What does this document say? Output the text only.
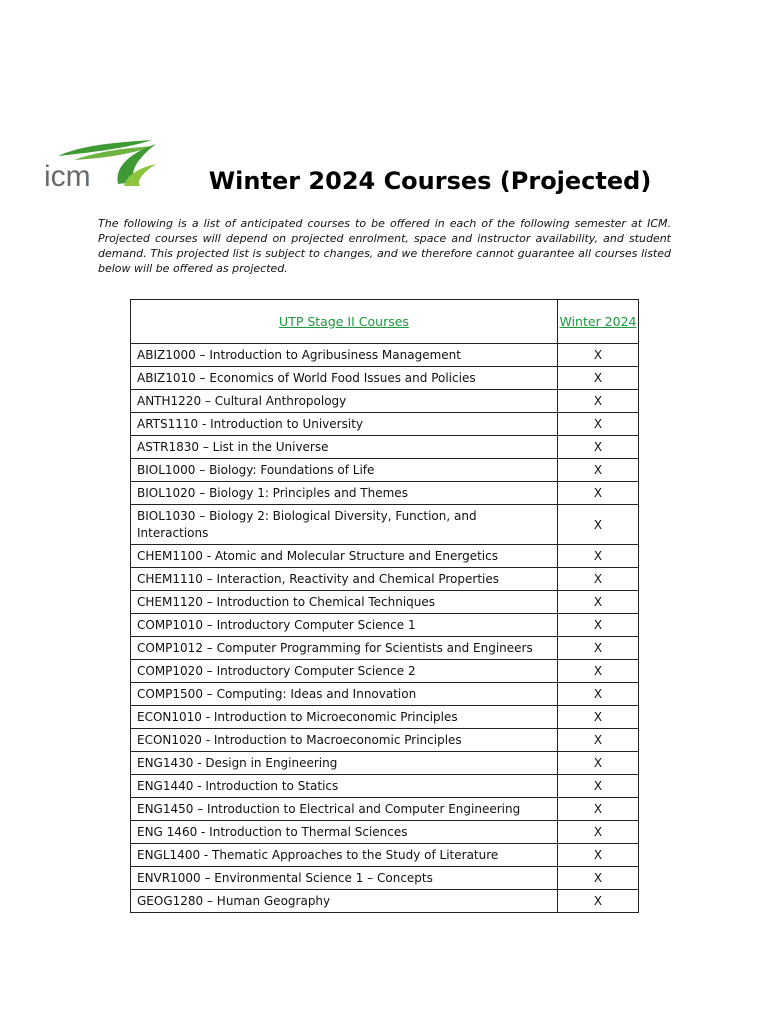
icm	Winter 2024 Courses (Projected)

The following is a list of anticipated courses to be offered in each of the following semester at ICM. Projected courses will depend on projected enrolment, space and instructor availability, and student demand. This projected list is subject to changes, and we therefore cannot guarantee all courses listed below will be offered as projected.

UTP Stage II Courses	Winter 2024
ABIZ1000 – Introduction to Agribusiness Management	X
ABIZ1010 – Economics of World Food Issues and Policies	X
ANTH1220 – Cultural Anthropology	X
ARTS1110 - Introduction to University	X
ASTR1830 – List in the Universe	X
BIOL1000 – Biology: Foundations of Life	X
BIOL1020 – Biology 1: Principles and Themes	X
BIOL1030 – Biology 2: Biological Diversity, Function, and Interactions	X
CHEM1100 - Atomic and Molecular Structure and Energetics	X
CHEM1110 – Interaction, Reactivity and Chemical Properties	X
CHEM1120 – Introduction to Chemical Techniques	X
COMP1010 – Introductory Computer Science 1	X
COMP1012 – Computer Programming for Scientists and Engineers	X
COMP1020 – Introductory Computer Science 2	X
COMP1500 – Computing: Ideas and Innovation	X
ECON1010 - Introduction to Microeconomic Principles	X
ECON1020 - Introduction to Macroeconomic Principles	X
ENG1430 - Design in Engineering	X
ENG1440 - Introduction to Statics	X
ENG1450 – Introduction to Electrical and Computer Engineering	X
ENG 1460 - Introduction to Thermal Sciences	X
ENGL1400 - Thematic Approaches to the Study of Literature	X
ENVR1000 – Environmental Science 1 – Concepts	X
GEOG1280 – Human Geography	X
